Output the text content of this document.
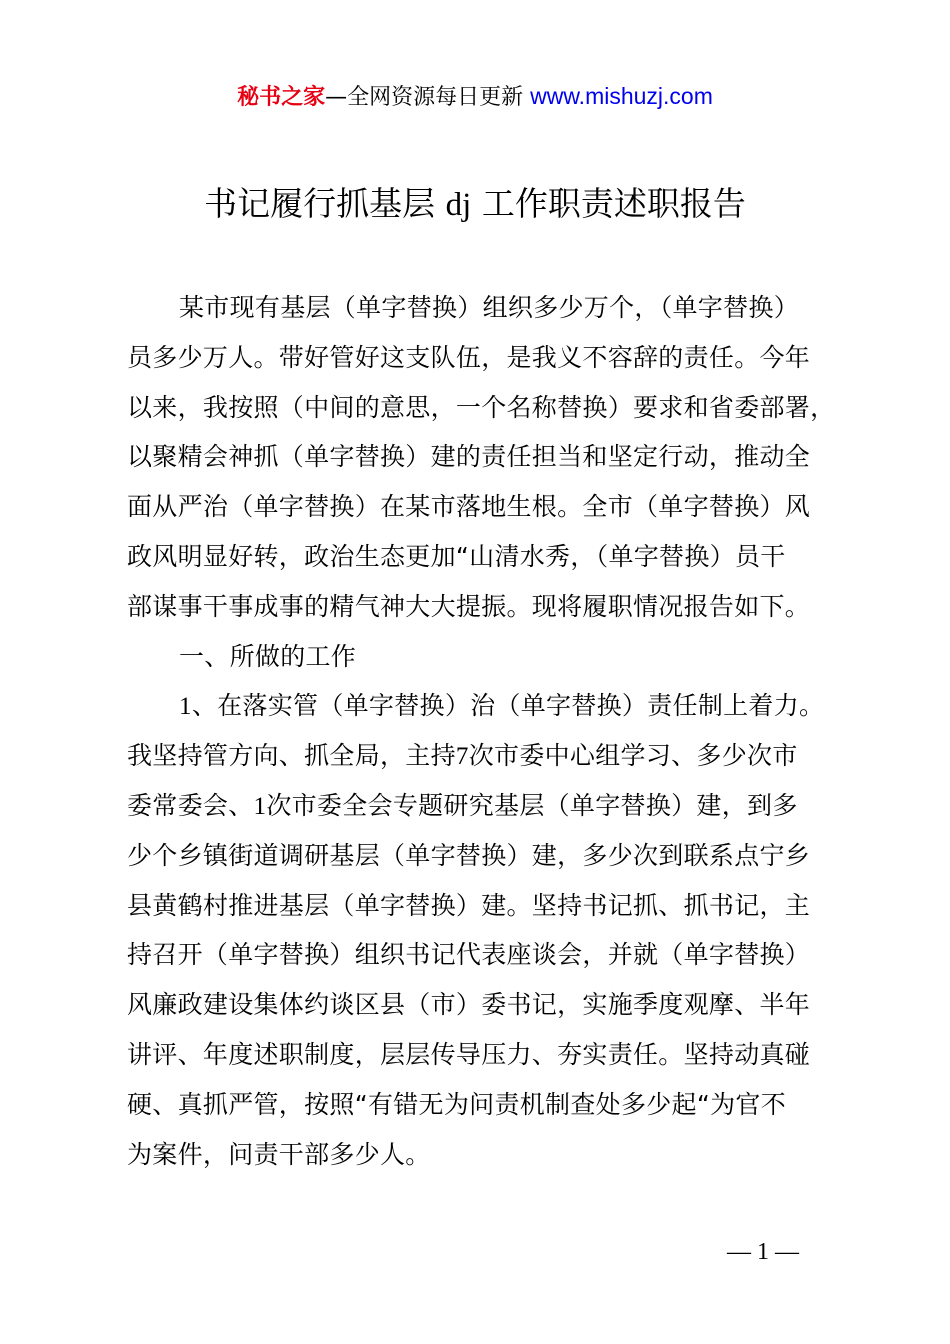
秘书之家—全网资源每日更新 www.mishuzj.com
书记履行抓基层 dj 工作职责述职报告
某市现有基层（单字替换）组织多少万个，（单字替换）
员多少万人。带好管好这支队伍，是我义不容辞的责任。今年
以来，我按照（中间的意思，一个名称替换）要求和省委部署，
以聚精会神抓（单字替换）建的责任担当和坚定行动，推动全
面从严治（单字替换）在某市落地生根。全市（单字替换）风
政风明显好转，政治生态更加“山清水秀，（单字替换）员干
部谋事干事成事的精气神大大提振。现将履职情况报告如下。
一、所做的工作
1、在落实管（单字替换）治（单字替换）责任制上着力。
我坚持管方向、抓全局，主持7次市委中心组学习、多少次市
委常委会、1次市委全会专题研究基层（单字替换）建，到多
少个乡镇街道调研基层（单字替换）建，多少次到联系点宁乡
县黄鹤村推进基层（单字替换）建。坚持书记抓、抓书记，主
持召开（单字替换）组织书记代表座谈会，并就（单字替换）
风廉政建设集体约谈区县（市）委书记，实施季度观摩、半年
讲评、年度述职制度，层层传导压力、夯实责任。坚持动真碰
硬、真抓严管，按照“有错无为问责机制查处多少起“为官不
为案件，问责干部多少人。
— 1 —
